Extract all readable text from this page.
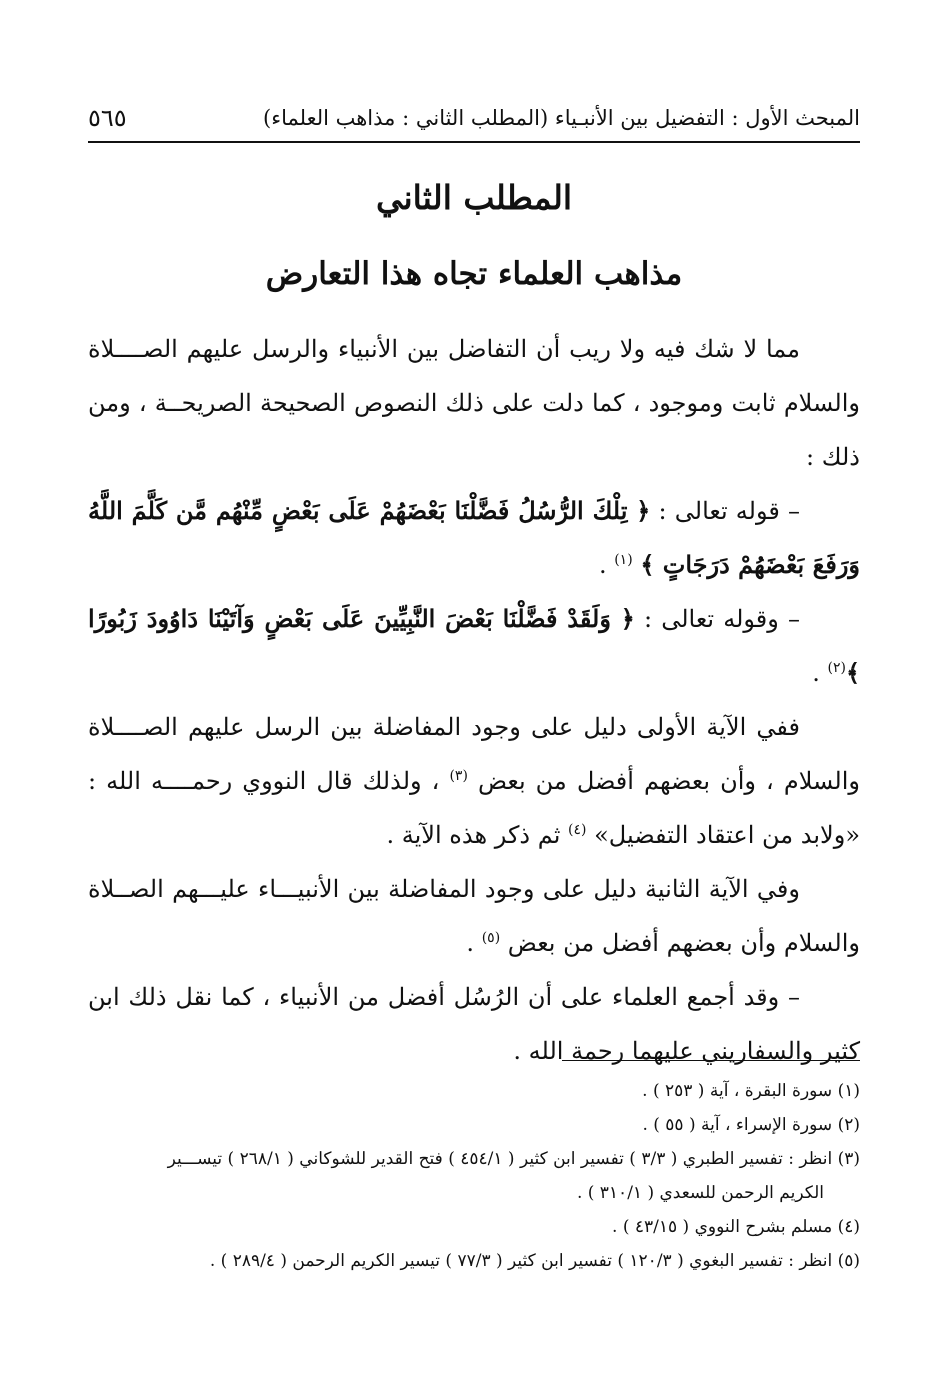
المبحث الأول : التفضيل بين الأنبـياء (المطلب الثاني : مذاهب العلماء)
٥٦٥
المطلب الثاني
مذاهب العلماء تجاه هذا التعارض

مما لا شك فيه ولا ريب أن التفاضل بين الأنبياء والرسل عليهم الصــــلاة والسلام ثابت وموجود ، كما دلت على ذلك النصوص الصحيحة الصريحــة ، ومن ذلك :

– قوله تعالى : ﴿ تِلْكَ الرُّسُلُ فَضَّلْنَا بَعْضَهُمْ عَلَى بَعْضٍ مِّنْهُم مَّن كَلَّمَ اللَّهُ وَرَفَعَ بَعْضَهُمْ دَرَجَاتٍ ﴾ $^{(١)}$ .

– وقوله تعالى : ﴿ وَلَقَدْ فَضَّلْنَا بَعْضَ النَّبِيِّينَ عَلَى بَعْضٍ وَآتَيْنَا دَاوُودَ زَبُورًا ﴾$^{(٢)}$ .

ففي الآية الأولى دليل على وجود المفاضلة بين الرسل عليهم الصــــلاة والسلام ، وأن بعضهم أفضل من بعض $^{(٣)}$ ، ولذلك قال النووي رحمــــه الله : «ولابد من اعتقاد التفضيل» $^{(٤)}$ ثم ذكر هذه الآية .

وفي الآية الثانية دليل على وجود المفاضلة بين الأنبيـــاء عليـــهم الصــلاة والسلام وأن بعضهم أفضل من بعض $^{(٥)}$ .

– وقد أجمع العلماء على أن الرُسُل أفضل من الأنبياء ، كما نقل ذلك ابن كثير والسفاريني عليهما رحمة الله .

(١) سورة البقرة ، آية ( ٢٥٣ ) .

(٢) سورة الإسراء ، آية ( ٥٥ ) .

(٣) انظر : تفسير الطبري ( ٣/٣ ) تفسير ابن كثير ( ٤٥٤/١ ) فتح القدير للشوكاني ( ٢٦٨/١ ) تيســـير
الكريم الرحمن للسعدي ( ٣١٠/١ ) .

(٤) مسلم بشرح النووي ( ٤٣/١٥ ) .

(٥) انظر : تفسير البغوي ( ١٢٠/٣ ) تفسير ابن كثير ( ٧٧/٣ ) تيسير الكريم الرحمن ( ٢٨٩/٤ ) .
